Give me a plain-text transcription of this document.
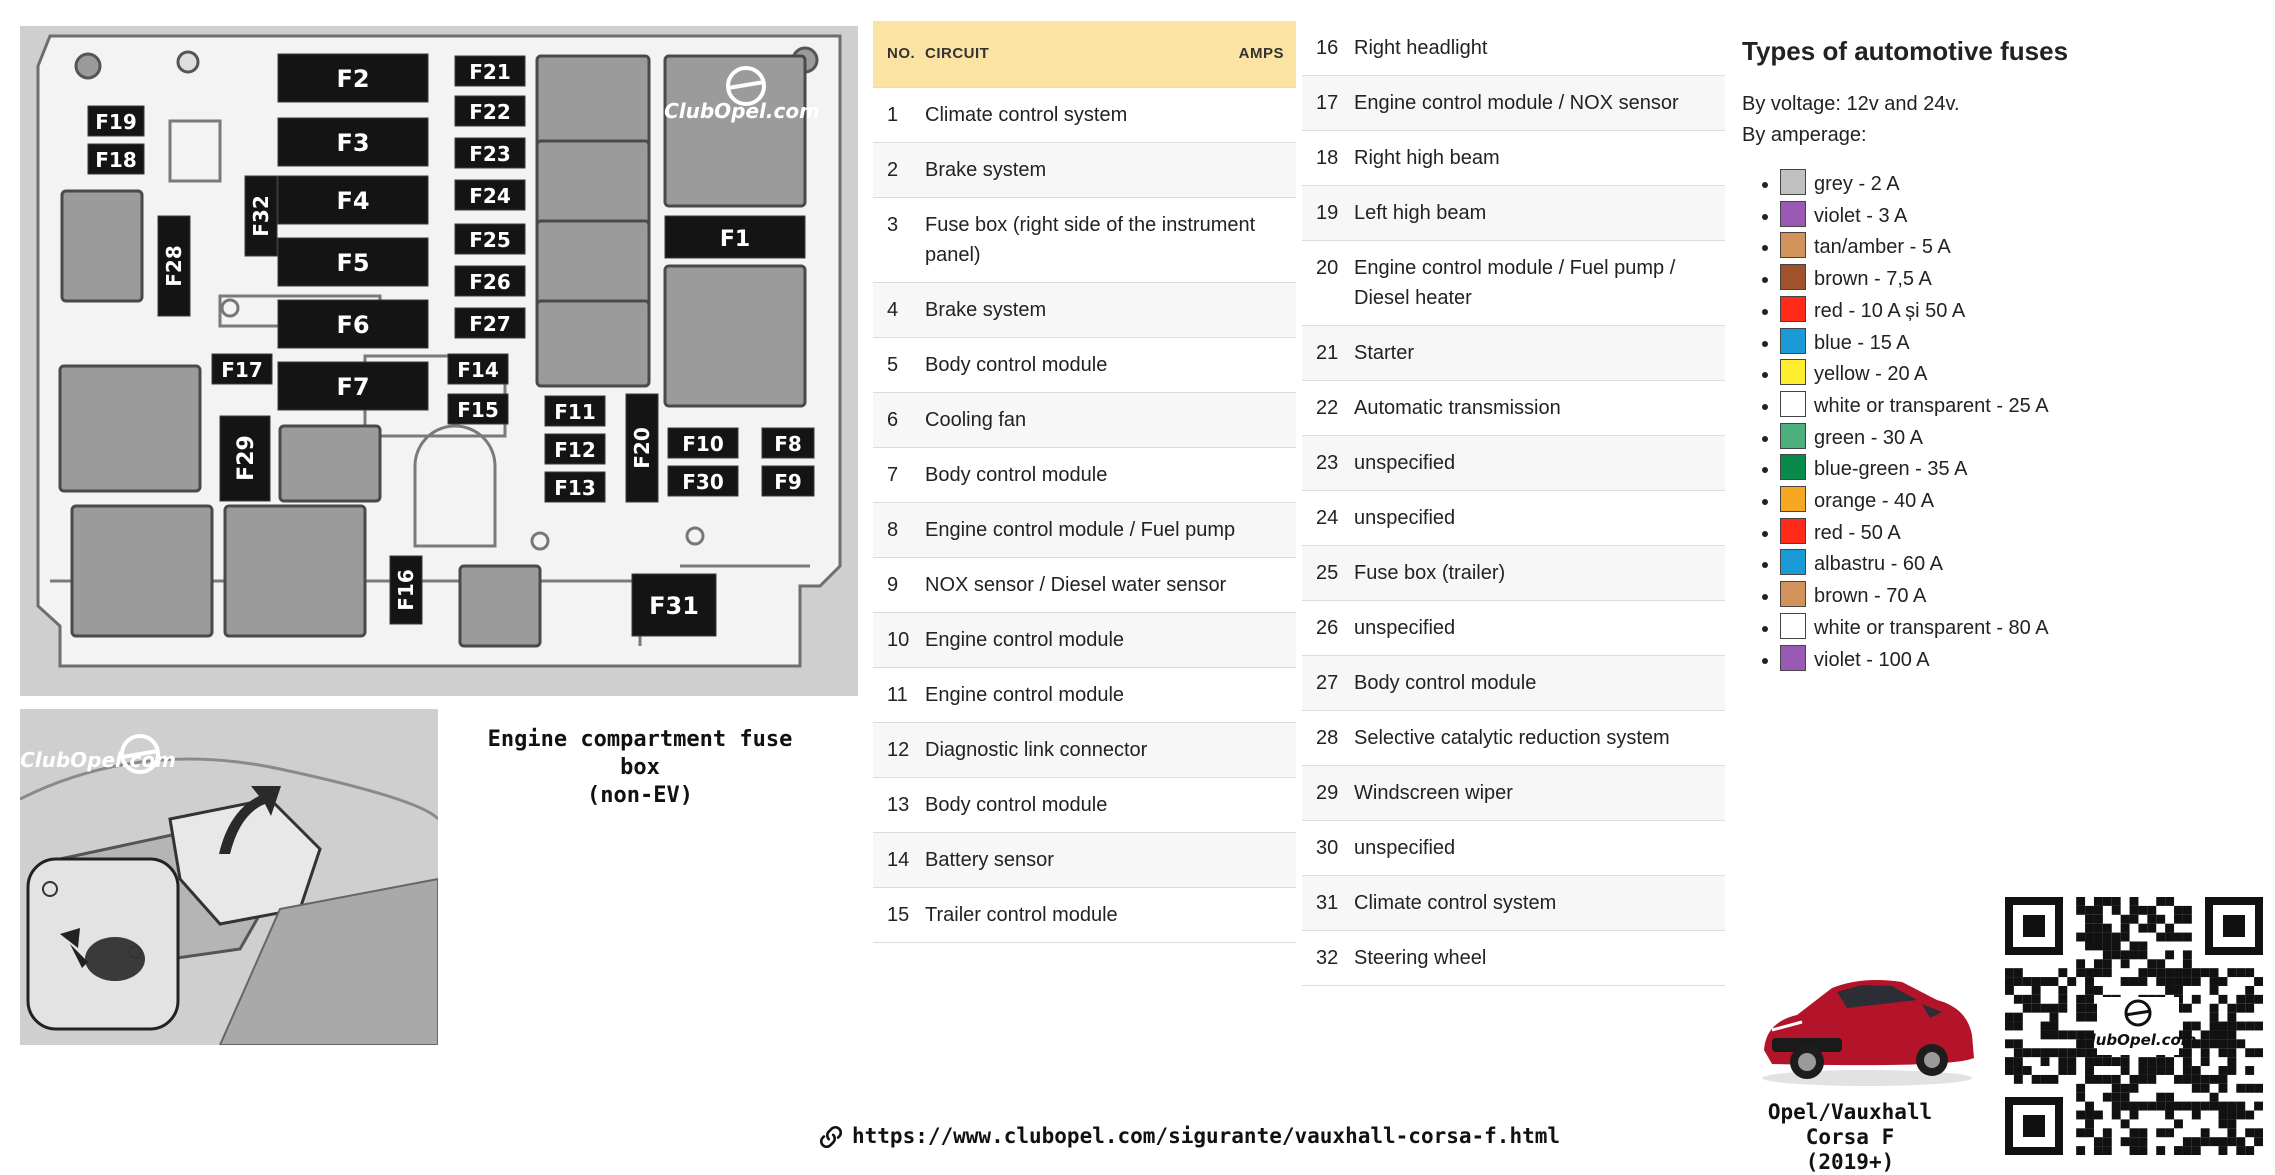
F1
F2
F3
F4
F5
F6
F7
F8
F9
F10
F11
F12
F13
F14
F15
F16
F17
F18
F19
F20
F21
F22
F23
F24
F25
F26
F27
F28
F29
F30
F31
F32
ClubOpel.com
ClubOpel.com
Engine compartment fuse box
(non-EV)
NO.	CIRCUIT	AMPS
1	Climate control system	
2	Brake system	
3	Fuse box (right side of the instrument panel)	
4	Brake system	
5	Body control module	
6	Cooling fan	
7	Body control module	
8	Engine control module / Fuel pump	
9	NOX sensor / Diesel water sensor	
10	Engine control module	
11	Engine control module	
12	Diagnostic link connector	
13	Body control module	
14	Battery sensor	
15	Trailer control module	
16	Right headlight
17	Engine control module / NOX sensor
18	Right high beam
19	Left high beam
20	Engine control module / Fuel pump / Diesel heater
21	Starter
22	Automatic transmission
23	unspecified
24	unspecified
25	Fuse box (trailer)
26	unspecified
27	Body control module
28	Selective catalytic reduction system
29	Windscreen wiper
30	unspecified
31	Climate control system
32	Steering wheel
Types of automotive fuses

By voltage: 12v and 24v.

By amperage:

• grey - 2 A
• violet - 3 A
• tan/amber - 5 A
• brown - 7,5 A
• red - 10 A și 50 A
• blue - 15 A
• yellow - 20 A
• white or transparent - 25 A
• green - 30 A
• blue-green - 35 A
• orange - 40 A
• red - 50 A
• albastru - 60 A
• brown - 70 A
• white or transparent - 80 A
• violet - 100 A
Opel/Vauxhall Corsa F
(2019+)
ClubOpel.com
https://www.clubopel.com/sigurante/vauxhall-corsa-f.html
